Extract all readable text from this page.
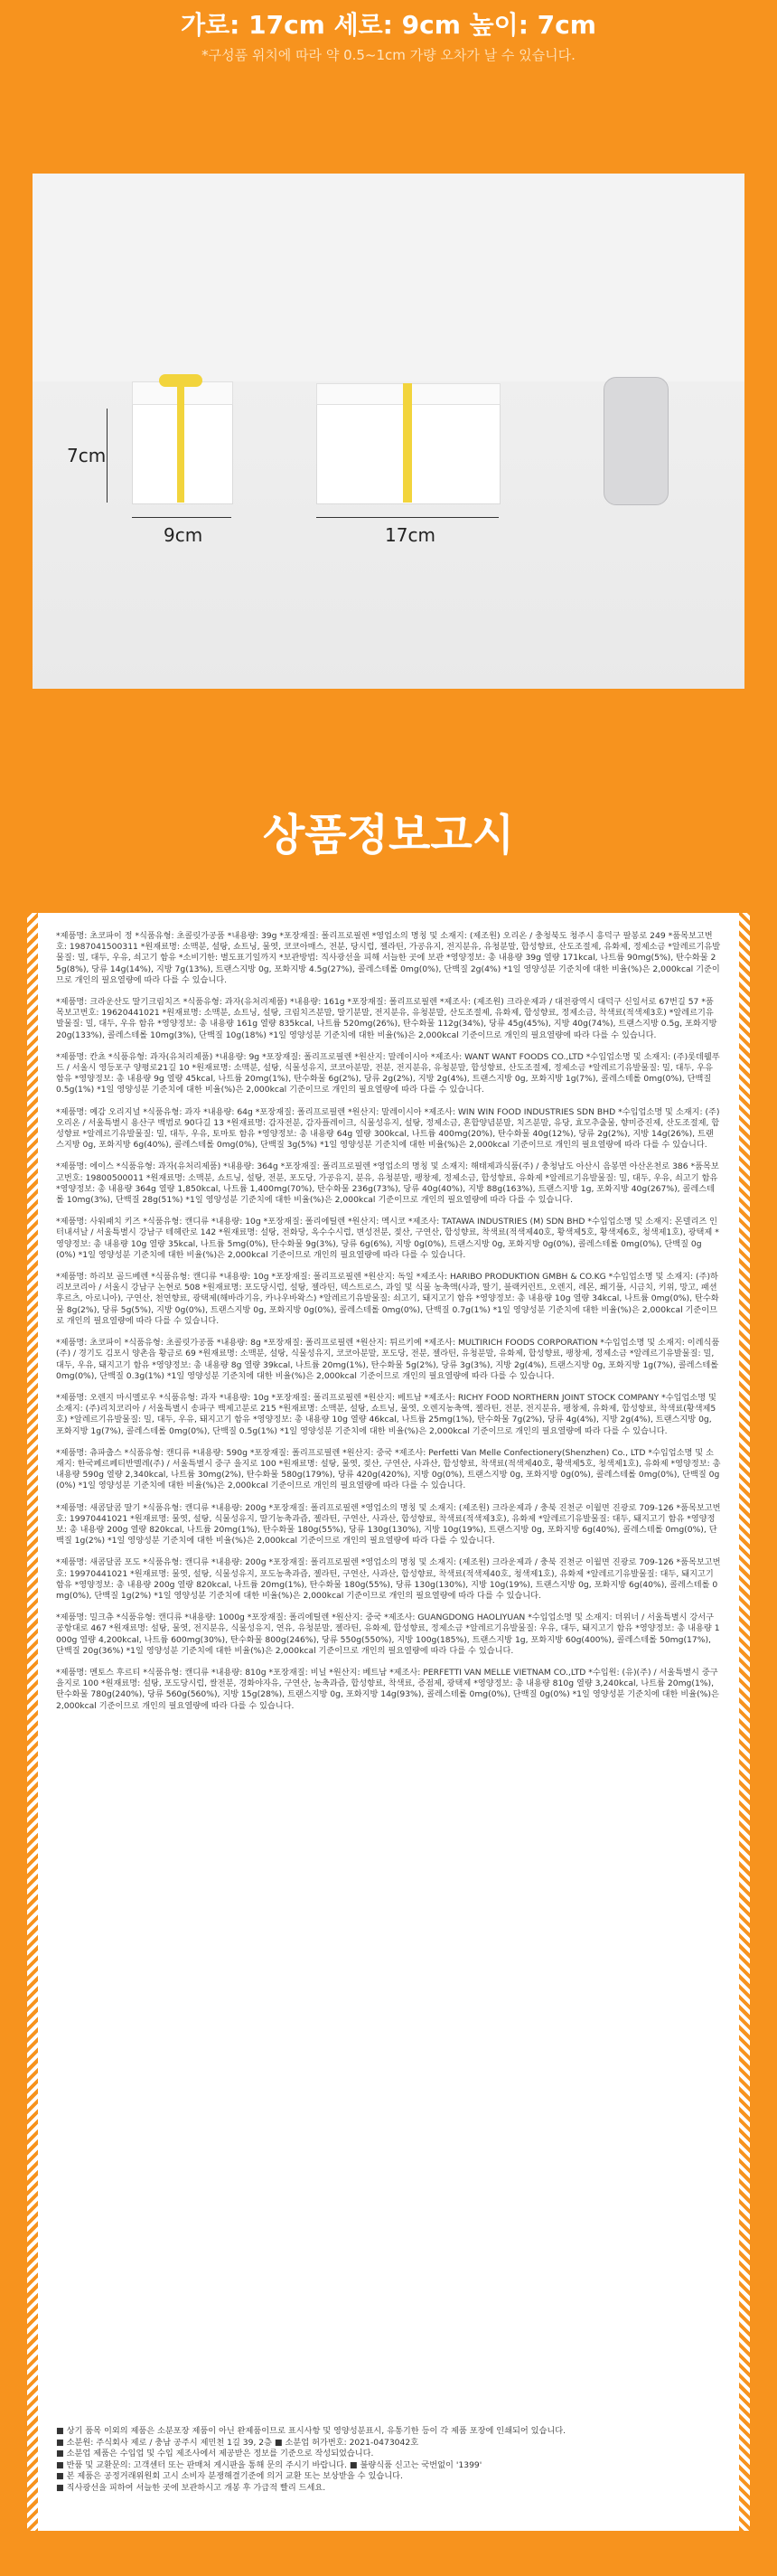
가로: 17cm 세로: 9cm 높이: 7cm
*구성품 위치에 따라 약 0.5~1cm 가량 오차가 날 수 있습니다.
7cm
9cm	17cm
상품정보고시

*제품명: 초코파이 정 *식품유형: 초콜릿가공품 *내용량: 39g *포장재질: 폴리프로필렌 *영업소의 명칭 및 소재지: (제조원) 오리온 / 충청북도 청주시 흥덕구 팔봉로 249 *품목보고번호: 1987041500311 *원재료명: 소맥분, 설탕, 쇼트닝, 물엿, 코코아매스, 전분, 당시럽, 젤라틴, 가공유지, 전지분유, 유청분말, 합성향료, 산도조절제, 유화제, 정제소금 *알레르기유발물질: 밀, 대두, 우유, 쇠고기 함유 *소비기한: 별도표기일까지 *보관방법: 직사광선을 피해 서늘한 곳에 보관 *영양정보: 총 내용량 39g 열량 171kcal, 나트륨 90mg(5%), 탄수화물 25g(8%), 당류 14g(14%), 지방 7g(13%), 트랜스지방 0g, 포화지방 4.5g(27%), 콜레스테롤 0mg(0%), 단백질 2g(4%) *1일 영양성분 기준치에 대한 비율(%)은 2,000kcal 기준이므로 개인의 필요열량에 따라 다를 수 있습니다.

*제품명: 크라운산도 딸기크림치즈 *식품유형: 과자(유처리제품) *내용량: 161g *포장재질: 폴리프로필렌 *제조사: (제조원) 크라운제과 / 대전광역시 대덕구 신일서로 67번길 57 *품목보고번호: 19620441021 *원재료명: 소맥분, 쇼트닝, 설탕, 크림치즈분말, 딸기분말, 전지분유, 유청분말, 산도조절제, 유화제, 합성향료, 정제소금, 착색료(적색제3호) *알레르기유발물질: 밀, 대두, 우유 함유 *영양정보: 총 내용량 161g 열량 835kcal, 나트륨 520mg(26%), 탄수화물 112g(34%), 당류 45g(45%), 지방 40g(74%), 트랜스지방 0.5g, 포화지방 20g(133%), 콜레스테롤 10mg(3%), 단백질 10g(18%) *1일 영양성분 기준치에 대한 비율(%)은 2,000kcal 기준이므로 개인의 필요열량에 따라 다를 수 있습니다.

*제품명: 칸쵸 *식품유형: 과자(유처리제품) *내용량: 9g *포장재질: 폴리프로필렌 *원산지: 말레이시아 *제조사: WANT WANT FOODS CO.,LTD *수입업소명 및 소재지: (주)롯데웰푸드 / 서울시 영등포구 양평로21길 10 *원재료명: 소맥분, 설탕, 식물성유지, 코코아분말, 전분, 전지분유, 유청분말, 합성향료, 산도조절제, 정제소금 *알레르기유발물질: 밀, 대두, 우유 함유 *영양정보: 총 내용량 9g 열량 45kcal, 나트륨 20mg(1%), 탄수화물 6g(2%), 당류 2g(2%), 지방 2g(4%), 트랜스지방 0g, 포화지방 1g(7%), 콜레스테롤 0mg(0%), 단백질 0.5g(1%) *1일 영양성분 기준치에 대한 비율(%)은 2,000kcal 기준이므로 개인의 필요열량에 따라 다를 수 있습니다.

*제품명: 예감 오리지널 *식품유형: 과자 *내용량: 64g *포장재질: 폴리프로필렌 *원산지: 말레이시아 *제조사: WIN WIN FOOD INDUSTRIES SDN BHD *수입업소명 및 소재지: (주)오리온 / 서울특별시 용산구 백범로 90다길 13 *원재료명: 감자전분, 감자플레이크, 식물성유지, 설탕, 정제소금, 혼합양념분말, 치즈분말, 유당, 효모추출물, 향미증진제, 산도조절제, 합성향료 *알레르기유발물질: 밀, 대두, 우유, 토마토 함유 *영양정보: 총 내용량 64g 열량 300kcal, 나트륨 400mg(20%), 탄수화물 40g(12%), 당류 2g(2%), 지방 14g(26%), 트랜스지방 0g, 포화지방 6g(40%), 콜레스테롤 0mg(0%), 단백질 3g(5%) *1일 영양성분 기준치에 대한 비율(%)은 2,000kcal 기준이므로 개인의 필요열량에 따라 다를 수 있습니다.

*제품명: 에이스 *식품유형: 과자(유처리제품) *내용량: 364g *포장재질: 폴리프로필렌 *영업소의 명칭 및 소재지: 해태제과식품(주) / 충청남도 아산시 음봉면 아산온천로 386 *품목보고번호: 19800500011 *원재료명: 소맥분, 쇼트닝, 설탕, 전분, 포도당, 가공유지, 분유, 유청분말, 팽창제, 정제소금, 합성향료, 유화제 *알레르기유발물질: 밀, 대두, 우유, 쇠고기 함유 *영양정보: 총 내용량 364g 열량 1,850kcal, 나트륨 1,400mg(70%), 탄수화물 236g(73%), 당류 40g(40%), 지방 88g(163%), 트랜스지방 1g, 포화지방 40g(267%), 콜레스테롤 10mg(3%), 단백질 28g(51%) *1일 영양성분 기준치에 대한 비율(%)은 2,000kcal 기준이므로 개인의 필요열량에 따라 다를 수 있습니다.

*제품명: 사워패치 키즈 *식품유형: 캔디류 *내용량: 10g *포장재질: 폴리에틸렌 *원산지: 멕시코 *제조사: TATAWA INDUSTRIES (M) SDN BHD *수입업소명 및 소재지: 몬델리즈 인터내셔날 / 서울특별시 강남구 테헤란로 142 *원재료명: 설탕, 전화당, 옥수수시럽, 변성전분, 젖산, 구연산, 합성향료, 착색료(적색제40호, 황색제5호, 황색제6호, 청색제1호), 광택제 *영양정보: 총 내용량 10g 열량 35kcal, 나트륨 5mg(0%), 탄수화물 9g(3%), 당류 6g(6%), 지방 0g(0%), 트랜스지방 0g, 포화지방 0g(0%), 콜레스테롤 0mg(0%), 단백질 0g(0%) *1일 영양성분 기준치에 대한 비율(%)은 2,000kcal 기준이므로 개인의 필요열량에 따라 다를 수 있습니다.

*제품명: 하리보 골드베렌 *식품유형: 캔디류 *내용량: 10g *포장재질: 폴리프로필렌 *원산지: 독일 *제조사: HARIBO PRODUKTION GMBH & CO.KG *수입업소명 및 소재지: (주)하리보코리아 / 서울시 강남구 논현로 508 *원재료명: 포도당시럽, 설탕, 젤라틴, 덱스트로스, 과일 및 식물 농축액(사과, 딸기, 블랙커런트, 오렌지, 레몬, 쐐기풀, 시금치, 키위, 망고, 패션후르츠, 아로니아), 구연산, 천연향료, 광택제(해바라기유, 카나우바왁스) *알레르기유발물질: 쇠고기, 돼지고기 함유 *영양정보: 총 내용량 10g 열량 34kcal, 나트륨 0mg(0%), 탄수화물 8g(2%), 당류 5g(5%), 지방 0g(0%), 트랜스지방 0g, 포화지방 0g(0%), 콜레스테롤 0mg(0%), 단백질 0.7g(1%) *1일 영양성분 기준치에 대한 비율(%)은 2,000kcal 기준이므로 개인의 필요열량에 따라 다를 수 있습니다.

*제품명: 초코파이 *식품유형: 초콜릿가공품 *내용량: 8g *포장재질: 폴리프로필렌 *원산지: 튀르키예 *제조사: MULTIRICH FOODS CORPORATION *수입업소명 및 소재지: 이레식품(주) / 경기도 김포시 양촌읍 황금로 69 *원재료명: 소맥분, 설탕, 식물성유지, 코코아분말, 포도당, 전분, 젤라틴, 유청분말, 유화제, 합성향료, 팽창제, 정제소금 *알레르기유발물질: 밀, 대두, 우유, 돼지고기 함유 *영양정보: 총 내용량 8g 열량 39kcal, 나트륨 20mg(1%), 탄수화물 5g(2%), 당류 3g(3%), 지방 2g(4%), 트랜스지방 0g, 포화지방 1g(7%), 콜레스테롤 0mg(0%), 단백질 0.3g(1%) *1일 영양성분 기준치에 대한 비율(%)은 2,000kcal 기준이므로 개인의 필요열량에 따라 다를 수 있습니다.

*제품명: 오렌지 마시멜로우 *식품유형: 과자 *내용량: 10g *포장재질: 폴리프로필렌 *원산지: 베트남 *제조사: RICHY FOOD NORTHERN JOINT STOCK COMPANY *수입업소명 및 소재지: (주)리치코리아 / 서울특별시 송파구 백제고분로 215 *원재료명: 소맥분, 설탕, 쇼트닝, 물엿, 오렌지농축액, 젤라틴, 전분, 전지분유, 팽창제, 유화제, 합성향료, 착색료(황색제5호) *알레르기유발물질: 밀, 대두, 우유, 돼지고기 함유 *영양정보: 총 내용량 10g 열량 46kcal, 나트륨 25mg(1%), 탄수화물 7g(2%), 당류 4g(4%), 지방 2g(4%), 트랜스지방 0g, 포화지방 1g(7%), 콜레스테롤 0mg(0%), 단백질 0.5g(1%) *1일 영양성분 기준치에 대한 비율(%)은 2,000kcal 기준이므로 개인의 필요열량에 따라 다를 수 있습니다.

*제품명: 츄파춥스 *식품유형: 캔디류 *내용량: 590g *포장재질: 폴리프로필렌 *원산지: 중국 *제조사: Perfetti Van Melle Confectionery(Shenzhen) Co., LTD *수입업소명 및 소재지: 한국페르페티반멜레(주) / 서울특별시 중구 을지로 100 *원재료명: 설탕, 물엿, 젖산, 구연산, 사과산, 합성향료, 착색료(적색제40호, 황색제5호, 청색제1호), 유화제 *영양정보: 총 내용량 590g 열량 2,340kcal, 나트륨 30mg(2%), 탄수화물 580g(179%), 당류 420g(420%), 지방 0g(0%), 트랜스지방 0g, 포화지방 0g(0%), 콜레스테롤 0mg(0%), 단백질 0g(0%) *1일 영양성분 기준치에 대한 비율(%)은 2,000kcal 기준이므로 개인의 필요열량에 따라 다를 수 있습니다.

*제품명: 새콤달콤 딸기 *식품유형: 캔디류 *내용량: 200g *포장재질: 폴리프로필렌 *영업소의 명칭 및 소재지: (제조원) 크라운제과 / 충북 진천군 이월면 진광로 709-126 *품목보고번호: 19970441021 *원재료명: 물엿, 설탕, 식물성유지, 딸기농축과즙, 젤라틴, 구연산, 사과산, 합성향료, 착색료(적색제3호), 유화제 *알레르기유발물질: 대두, 돼지고기 함유 *영양정보: 총 내용량 200g 열량 820kcal, 나트륨 20mg(1%), 탄수화물 180g(55%), 당류 130g(130%), 지방 10g(19%), 트랜스지방 0g, 포화지방 6g(40%), 콜레스테롤 0mg(0%), 단백질 1g(2%) *1일 영양성분 기준치에 대한 비율(%)은 2,000kcal 기준이므로 개인의 필요열량에 따라 다를 수 있습니다.

*제품명: 새콤달콤 포도 *식품유형: 캔디류 *내용량: 200g *포장재질: 폴리프로필렌 *영업소의 명칭 및 소재지: (제조원) 크라운제과 / 충북 진천군 이월면 진광로 709-126 *품목보고번호: 19970441021 *원재료명: 물엿, 설탕, 식물성유지, 포도농축과즙, 젤라틴, 구연산, 사과산, 합성향료, 착색료(적색제40호, 청색제1호), 유화제 *알레르기유발물질: 대두, 돼지고기 함유 *영양정보: 총 내용량 200g 열량 820kcal, 나트륨 20mg(1%), 탄수화물 180g(55%), 당류 130g(130%), 지방 10g(19%), 트랜스지방 0g, 포화지방 6g(40%), 콜레스테롤 0mg(0%), 단백질 1g(2%) *1일 영양성분 기준치에 대한 비율(%)은 2,000kcal 기준이므로 개인의 필요열량에 따라 다를 수 있습니다.

*제품명: 밀크츄 *식품유형: 캔디류 *내용량: 1000g *포장재질: 폴리에틸렌 *원산지: 중국 *제조사: GUANGDONG HAOLIYUAN *수입업소명 및 소재지: 더위너 / 서울특별시 강서구 공항대로 467 *원재료명: 설탕, 물엿, 전지분유, 식물성유지, 연유, 유청분말, 젤라틴, 유화제, 합성향료, 정제소금 *알레르기유발물질: 우유, 대두, 돼지고기 함유 *영양정보: 총 내용량 1000g 열량 4,200kcal, 나트륨 600mg(30%), 탄수화물 800g(246%), 당류 550g(550%), 지방 100g(185%), 트랜스지방 1g, 포화지방 60g(400%), 콜레스테롤 50mg(17%), 단백질 20g(36%) *1일 영양성분 기준치에 대한 비율(%)은 2,000kcal 기준이므로 개인의 필요열량에 따라 다를 수 있습니다.

*제품명: 멘토스 후르티 *식품유형: 캔디류 *내용량: 810g *포장재질: 비닐 *원산지: 베트남 *제조사: PERFETTI VAN MELLE VIETNAM CO.,LTD *수입원: (유)(주) / 서울특별시 중구 을지로 100 *원재료명: 설탕, 포도당시럽, 쌀전분, 경화야자유, 구연산, 농축과즙, 합성향료, 착색료, 증점제, 광택제 *영양정보: 총 내용량 810g 열량 3,240kcal, 나트륨 20mg(1%), 탄수화물 780g(240%), 당류 560g(560%), 지방 15g(28%), 트랜스지방 0g, 포화지방 14g(93%), 콜레스테롤 0mg(0%), 단백질 0g(0%) *1일 영양성분 기준치에 대한 비율(%)은 2,000kcal 기준이므로 개인의 필요열량에 따라 다를 수 있습니다.

■ 상기 품목 이외의 제품은 소분포장 제품이 아닌 완제품이므로 표시사항 및 영양성분표시, 유통기한 등이 각 제품 포장에 인쇄되어 있습니다.
■ 소분원: 주식회사 제로 / 충남 공주시 제민천 1길 39, 2층 ■ 소분업 허가번호: 2021-0473042호
■ 소분업 제품은 수입업 및 수입 제조사에서 제공받은 정보를 기준으로 작성되었습니다.
■ 반품 및 교환문의: 고객센터 또는 판매처 게시판을 통해 문의 주시기 바랍니다. ■ 불량식품 신고는 국번없이 '1399'
■ 본 제품은 공정거래위원회 고시 소비자 분쟁해결기준에 의거 교환 또는 보상받을 수 있습니다.
■ 직사광선을 피하여 서늘한 곳에 보관하시고 개봉 후 가급적 빨리 드세요.
